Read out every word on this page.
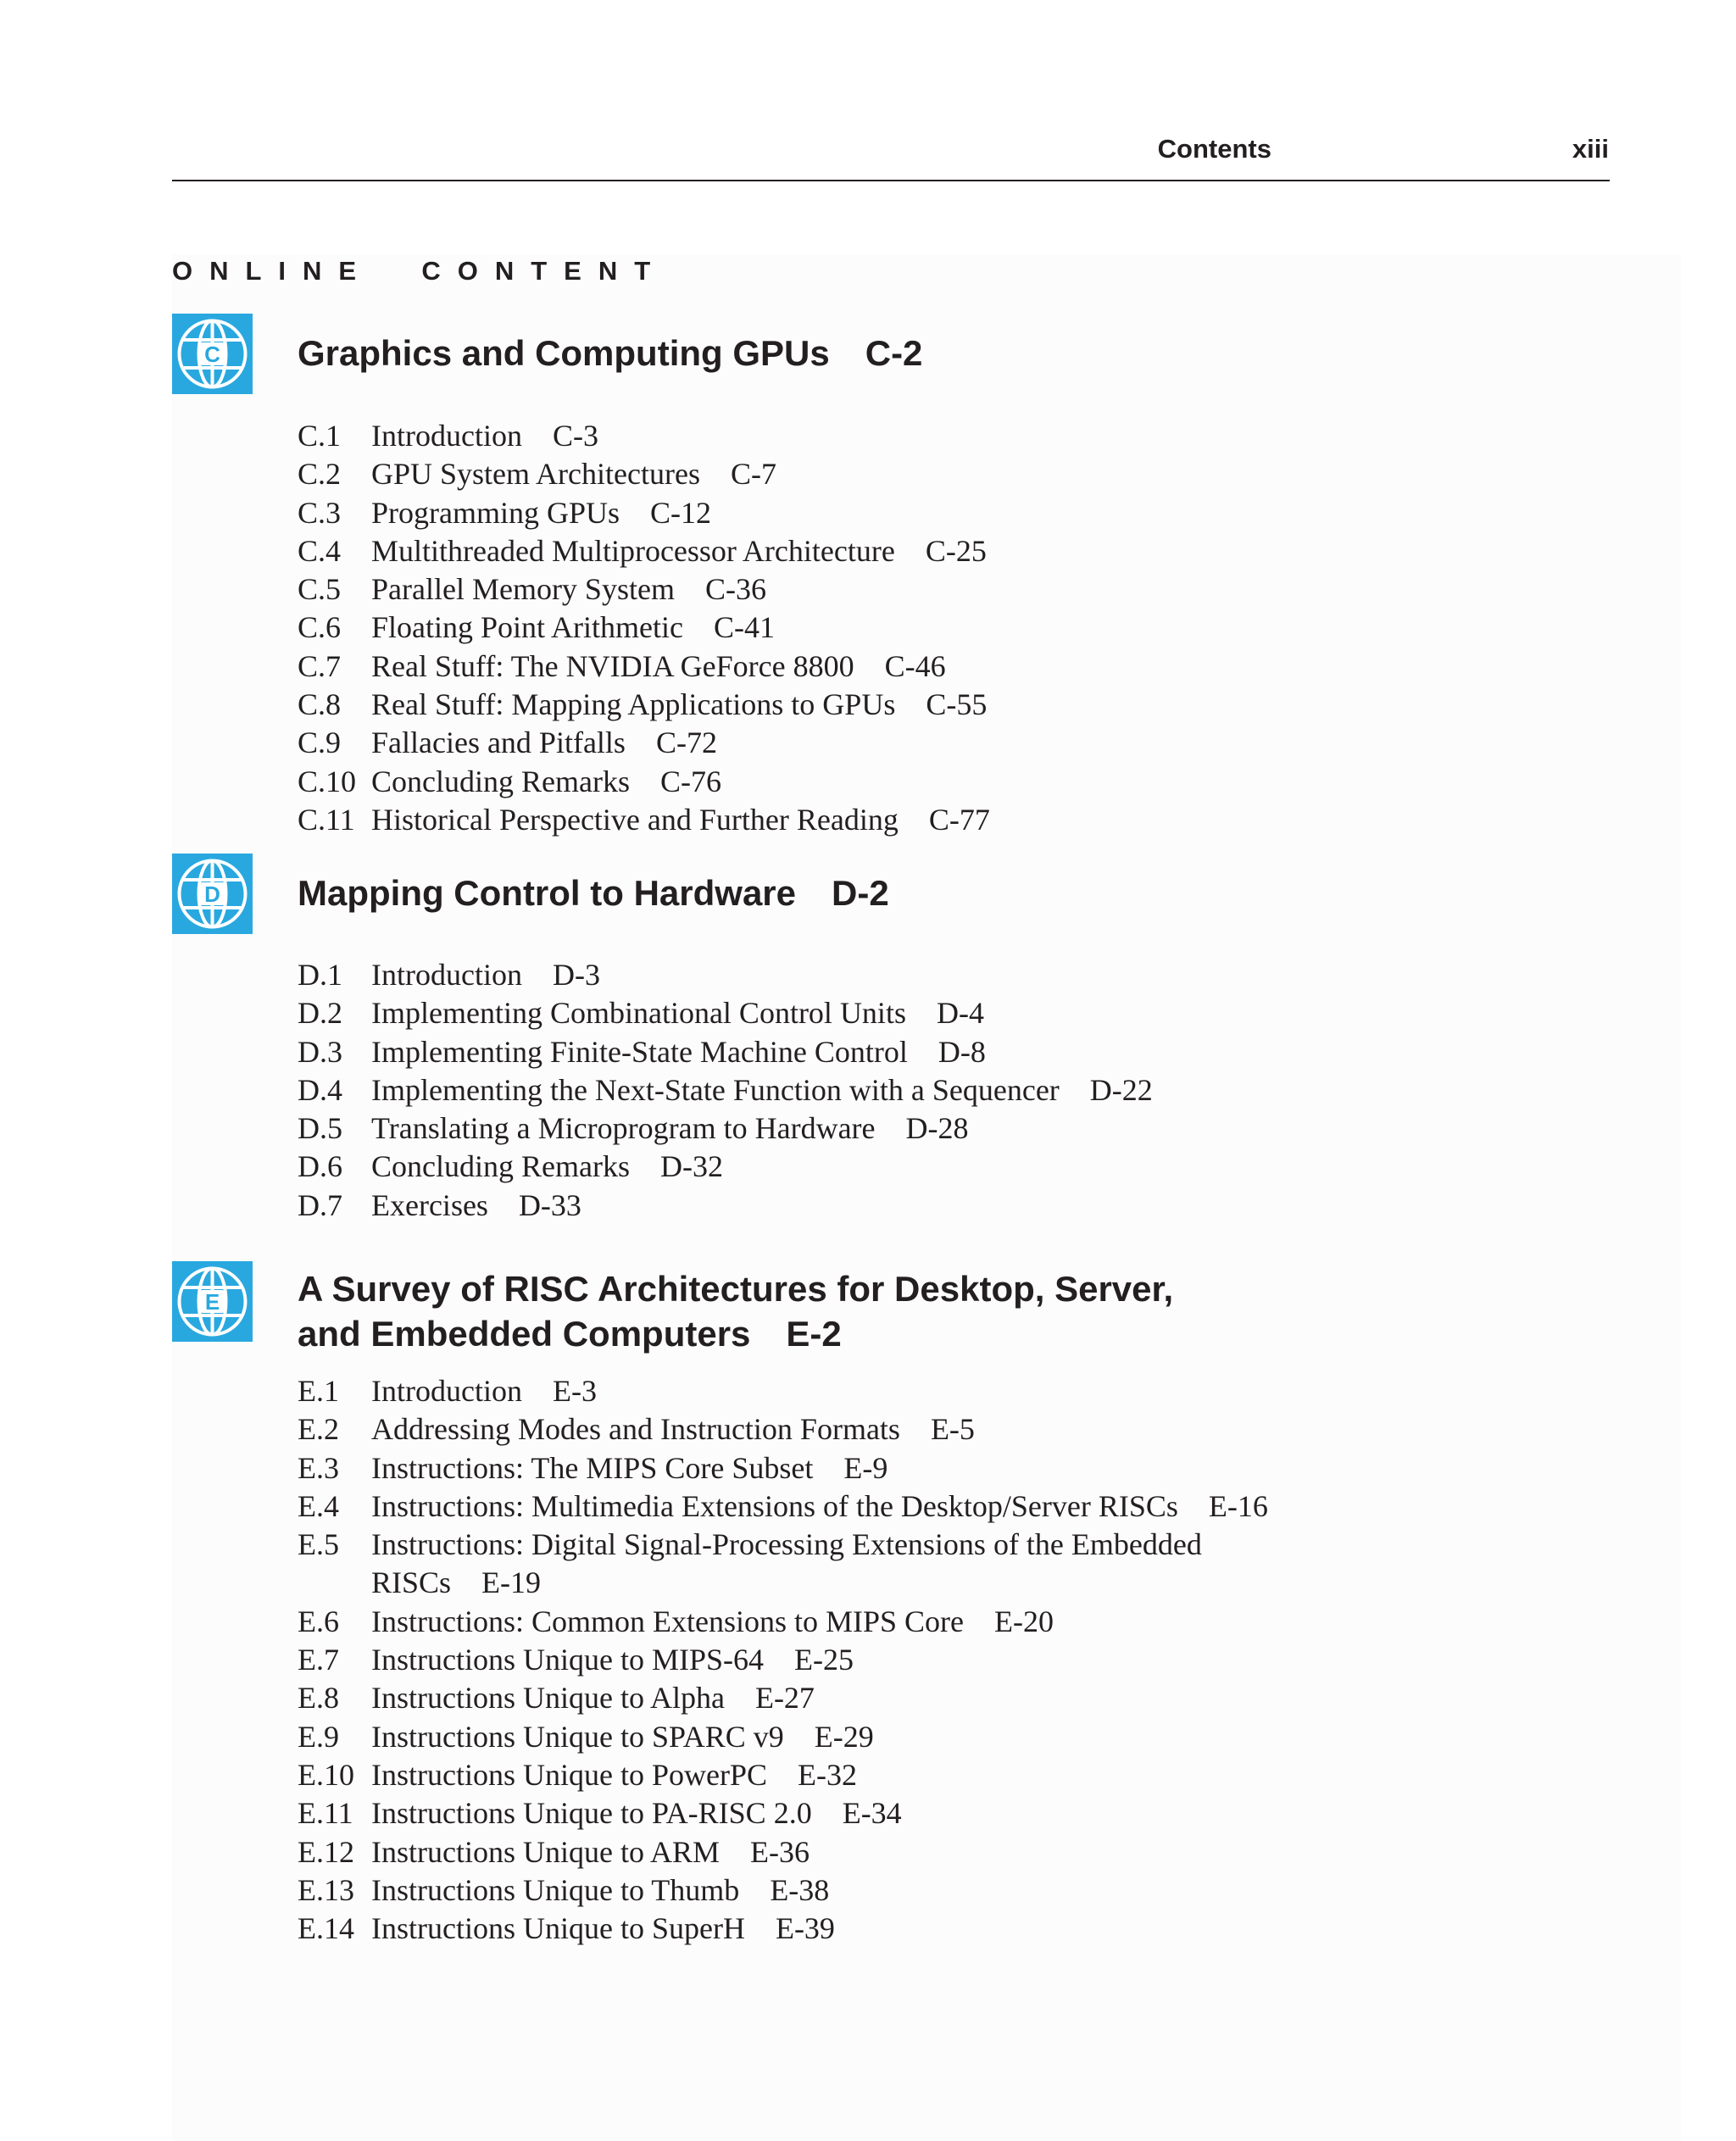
Contents	xiii
ONLINE  CONTENT
C Graphics and Computing GPUs C-2
C.1 Introduction C-3
C.2 GPU System Architectures C-7
C.3 Programming GPUs C-12
C.4 Multithreaded Multiprocessor Architecture C-25
C.5 Parallel Memory System C-36
C.6 Floating Point Arithmetic C-41
C.7 Real Stuff: The NVIDIA GeForce 8800 C-46
C.8 Real Stuff: Mapping Applications to GPUs C-55
C.9 Fallacies and Pitfalls C-72
C.10 Concluding Remarks C-76
C.11 Historical Perspective and Further Reading C-77
D Mapping Control to Hardware D-2
D.1 Introduction D-3
D.2 Implementing Combinational Control Units D-4
D.3 Implementing Finite-State Machine Control D-8
D.4 Implementing the Next-State Function with a Sequencer D-22
D.5 Translating a Microprogram to Hardware D-28
D.6 Concluding Remarks D-32
D.7 Exercises D-33
E A Survey of RISC Architectures for Desktop, Server,
and Embedded Computers E-2
E.1	Introduction E-3
E.2	Addressing Modes and Instruction Formats E-5
E.3	Instructions: The MIPS Core Subset E-9
E.4	Instructions: Multimedia Extensions of the Desktop/Server RISCs E-16
E.5	Instructions: Digital Signal-Processing Extensions of the Embedded
RISCs E-19
E.6	Instructions: Common Extensions to MIPS Core E-20
E.7	Instructions Unique to MIPS-64 E-25
E.8	Instructions Unique to Alpha E-27
E.9	Instructions Unique to SPARC v9 E-29
E.10 Instructions Unique to PowerPC E-32
E.11 Instructions Unique to PA-RISC 2.0 E-34
E.12 Instructions Unique to ARM E-36
E.13 Instructions Unique to Thumb E-38
E.14 Instructions Unique to SuperH E-39
